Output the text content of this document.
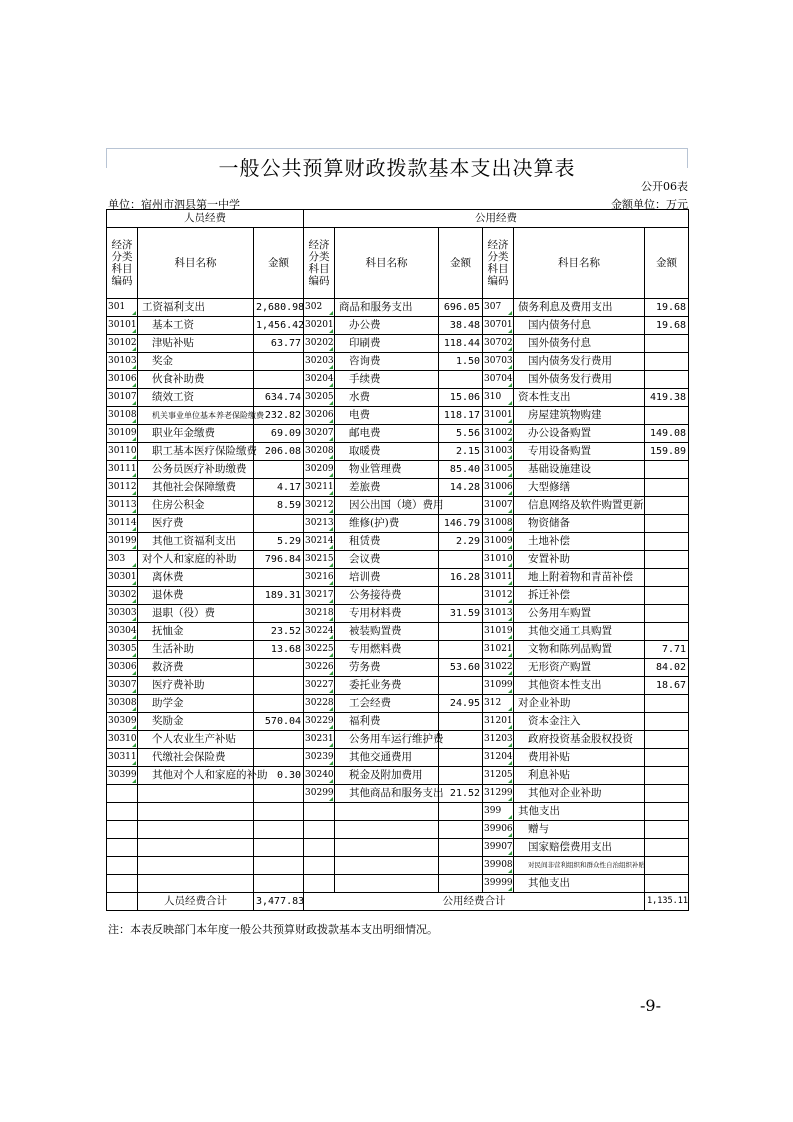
一般公共预算财政拨款基本支出决算表
公开06表
单位：宿州市泗县第一中学	金额单位：万元
人员经费			公用经费					
经济分类科目编码	科目名称	金额	经济分类科目编码	科目名称	金额	经济分类科目编码	科目名称	金额
301	工资福利支出	2,680.98	302	商品和服务支出	696.05	307	债务利息及费用支出	19.68
30101	基本工资	1,456.42	30201	办公费	38.48	30701	国内债务付息	19.68
30102	津贴补贴	63.77	30202	印刷费	118.44	30702	国外债务付息	
30103	奖金		30203	咨询费	1.50	30703	国内债务发行费用	
30106	伙食补助费		30204	手续费		30704	国外债务发行费用	
30107	绩效工资	634.74	30205	水费	15.06	310	资本性支出	419.38
30108	机关事业单位基本养老保险缴费	232.82	30206	电费	118.17	31001	房屋建筑物购建	
30109	职业年金缴费	69.09	30207	邮电费	5.56	31002	办公设备购置	149.08
30110	职工基本医疗保险缴费	206.08	30208	取暖费	2.15	31003	专用设备购置	159.89
30111	公务员医疗补助缴费		30209	物业管理费	85.40	31005	基础设施建设	
30112	其他社会保障缴费	4.17	30211	差旅费	14.28	31006	大型修缮	
30113	住房公积金	8.59	30212	因公出国（境）费用		31007	信息网络及软件购置更新	
30114	医疗费		30213	维修(护)费	146.79	31008	物资储备	
30199	其他工资福利支出	5.29	30214	租赁费	2.29	31009	土地补偿	
303	对个人和家庭的补助	796.84	30215	会议费		31010	安置补助	
30301	离休费		30216	培训费	16.28	31011	地上附着物和青苗补偿	
30302	退休费	189.31	30217	公务接待费		31012	拆迁补偿	
30303	退职（役）费		30218	专用材料费	31.59	31013	公务用车购置	
30304	抚恤金	23.52	30224	被装购置费		31019	其他交通工具购置	
30305	生活补助	13.68	30225	专用燃料费		31021	文物和陈列品购置	7.71
30306	救济费		30226	劳务费	53.60	31022	无形资产购置	84.02
30307	医疗费补助		30227	委托业务费		31099	其他资本性支出	18.67
30308	助学金		30228	工会经费	24.95	312	对企业补助	
30309	奖励金	570.04	30229	福利费		31201	资本金注入	
30310	个人农业生产补贴		30231	公务用车运行维护费		31203	政府投资基金股权投资	
30311	代缴社会保险费		30239	其他交通费用		31204	费用补贴	
30399	其他对个人和家庭的补助	0.30	30240	税金及附加费用		31205	利息补贴	
			30299	其他商品和服务支出	21.52	31299	其他对企业补助	
						399	其他支出	
						39906	赠与	
						39907	国家赔偿费用支出	
						39908	对民间非营利组织和群众性自治组织补贴	
						39999	其他支出	
	人员经费合计	3,477.83	公用经费合计					1,135.11
注：本表反映部门本年度一般公共预算财政拨款基本支出明细情况。
-9-
